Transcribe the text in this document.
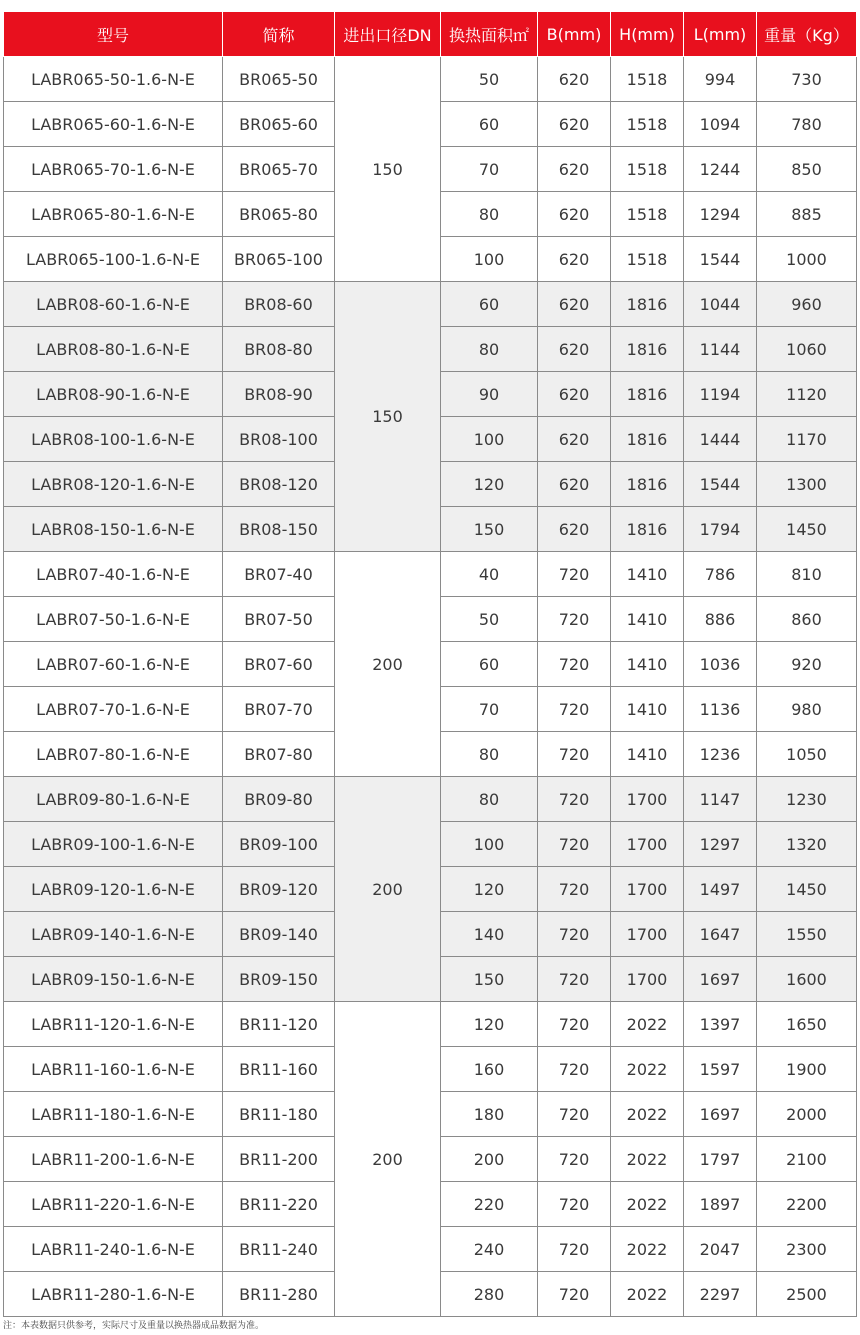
型号	简称	进出口径DN	换热面积㎡	B(mm)	H(mm)	L(mm)	重量（Kg）
LABR065-50-1.6-N-E	BR065-50	150	50	620	1518	994	730
LABR065-60-1.6-N-E	BR065-60		60	620	1518	1094	780
LABR065-70-1.6-N-E	BR065-70		70	620	1518	1244	850
LABR065-80-1.6-N-E	BR065-80		80	620	1518	1294	885
LABR065-100-1.6-N-E	BR065-100		100	620	1518	1544	1000
LABR08-60-1.6-N-E	BR08-60	150	60	620	1816	1044	960
LABR08-80-1.6-N-E	BR08-80		80	620	1816	1144	1060
LABR08-90-1.6-N-E	BR08-90		90	620	1816	1194	1120
LABR08-100-1.6-N-E	BR08-100		100	620	1816	1444	1170
LABR08-120-1.6-N-E	BR08-120		120	620	1816	1544	1300
LABR08-150-1.6-N-E	BR08-150		150	620	1816	1794	1450
LABR07-40-1.6-N-E	BR07-40	200	40	720	1410	786	810
LABR07-50-1.6-N-E	BR07-50		50	720	1410	886	860
LABR07-60-1.6-N-E	BR07-60		60	720	1410	1036	920
LABR07-70-1.6-N-E	BR07-70		70	720	1410	1136	980
LABR07-80-1.6-N-E	BR07-80		80	720	1410	1236	1050
LABR09-80-1.6-N-E	BR09-80	200	80	720	1700	1147	1230
LABR09-100-1.6-N-E	BR09-100		100	720	1700	1297	1320
LABR09-120-1.6-N-E	BR09-120		120	720	1700	1497	1450
LABR09-140-1.6-N-E	BR09-140		140	720	1700	1647	1550
LABR09-150-1.6-N-E	BR09-150		150	720	1700	1697	1600
LABR11-120-1.6-N-E	BR11-120	200	120	720	2022	1397	1650
LABR11-160-1.6-N-E	BR11-160		160	720	2022	1597	1900
LABR11-180-1.6-N-E	BR11-180		180	720	2022	1697	2000
LABR11-200-1.6-N-E	BR11-200		200	720	2022	1797	2100
LABR11-220-1.6-N-E	BR11-220		220	720	2022	1897	2200
LABR11-240-1.6-N-E	BR11-240		240	720	2022	2047	2300
LABR11-280-1.6-N-E	BR11-280		280	720	2022	2297	2500
注：本表数据只供参考，实际尺寸及重量以换热器成品数据为准。
